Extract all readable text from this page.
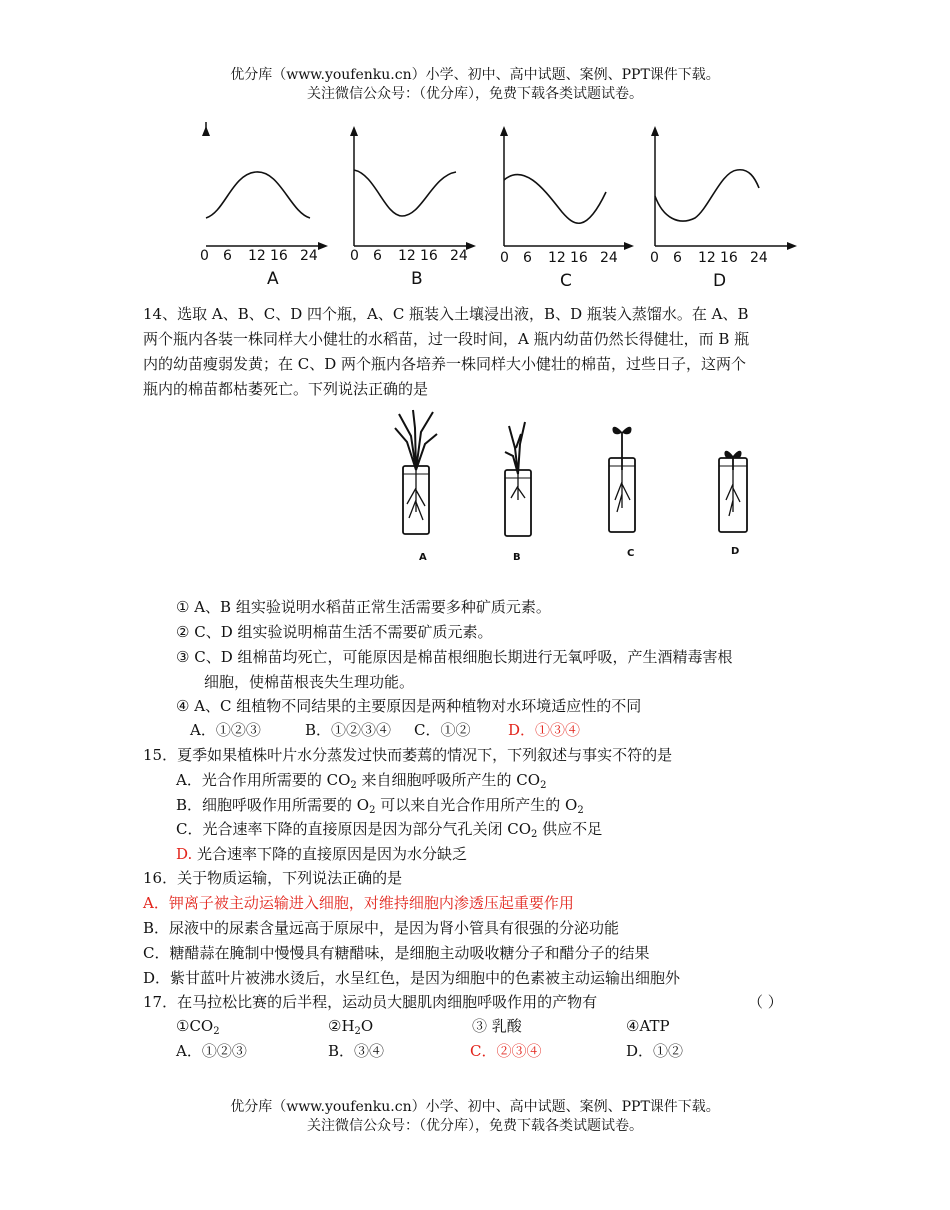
优分库（www.youfenku.cn）小学、初中、高中试题、案例、PPT课件下载。
关注微信公众号：（优分库），免费下载各类试题试卷。
0 6 12 16 24
A
0 6 12 16 24
B
0 6 12 16 24
C
0 6 12 16 24
D
14、选取 A、B、C、D 四个瓶，A、C 瓶装入土壤浸出液，B、D 瓶装入蒸馏水。在 A、B
两个瓶内各装一株同样大小健壮的水稻苗，过一段时间，A 瓶内幼苗仍然长得健壮，而 B 瓶
内的幼苗瘦弱发黄；在 C、D 两个瓶内各培养一株同样大小健壮的棉苗，过些日子，这两个
瓶内的棉苗都枯萎死亡。下列说法正确的是
A	B	C	D
① A、B 组实验说明水稻苗正常生活需要多种矿质元素。
② C、D 组实验说明棉苗生活不需要矿质元素。
③ C、D 组棉苗均死亡，可能原因是棉苗根细胞长期进行无氧呼吸，产生酒精毒害根
细胞，使棉苗根丧失生理功能。
④ A、C 组植物不同结果的主要原因是两种植物对水环境适应性的不同
A．①②③	B．①②③④ C．①②	D．①③④
15．夏季如果植株叶片水分蒸发过快而萎蔫的情况下，下列叙述与事实不符的是
A．光合作用所需要的 $CO_2$ 来自细胞呼吸所产生的 $CO_2$
B．细胞呼吸作用所需要的 $O_2$ 可以来自光合作用所产生的 $O_2$
C．光合速率下降的直接原因是因为部分气孔关闭 $CO_2$ 供应不足
D. 光合速率下降的直接原因是因为水分缺乏
16．关于物质运输，下列说法正确的是
A．钾离子被主动运输进入细胞，对维持细胞内渗透压起重要作用
B．尿液中的尿素含量远高于原尿中，是因为肾小管具有很强的分泌功能
C．糖醋蒜在腌制中慢慢具有糖醋味，是细胞主动吸收糖分子和醋分子的结果
D．紫甘蓝叶片被沸水烫后，水呈红色，是因为细胞中的色素被主动运输出细胞外
17．在马拉松比赛的后半程，运动员大腿肌肉细胞呼吸作用的产物有	（ ）
$①CO_2$	$②H_2O$	③ 乳酸	④ATP
A．①②③	B．③④	C．②③④	D．①②
优分库（www.youfenku.cn）小学、初中、高中试题、案例、PPT课件下载。
关注微信公众号：（优分库），免费下载各类试题试卷。
